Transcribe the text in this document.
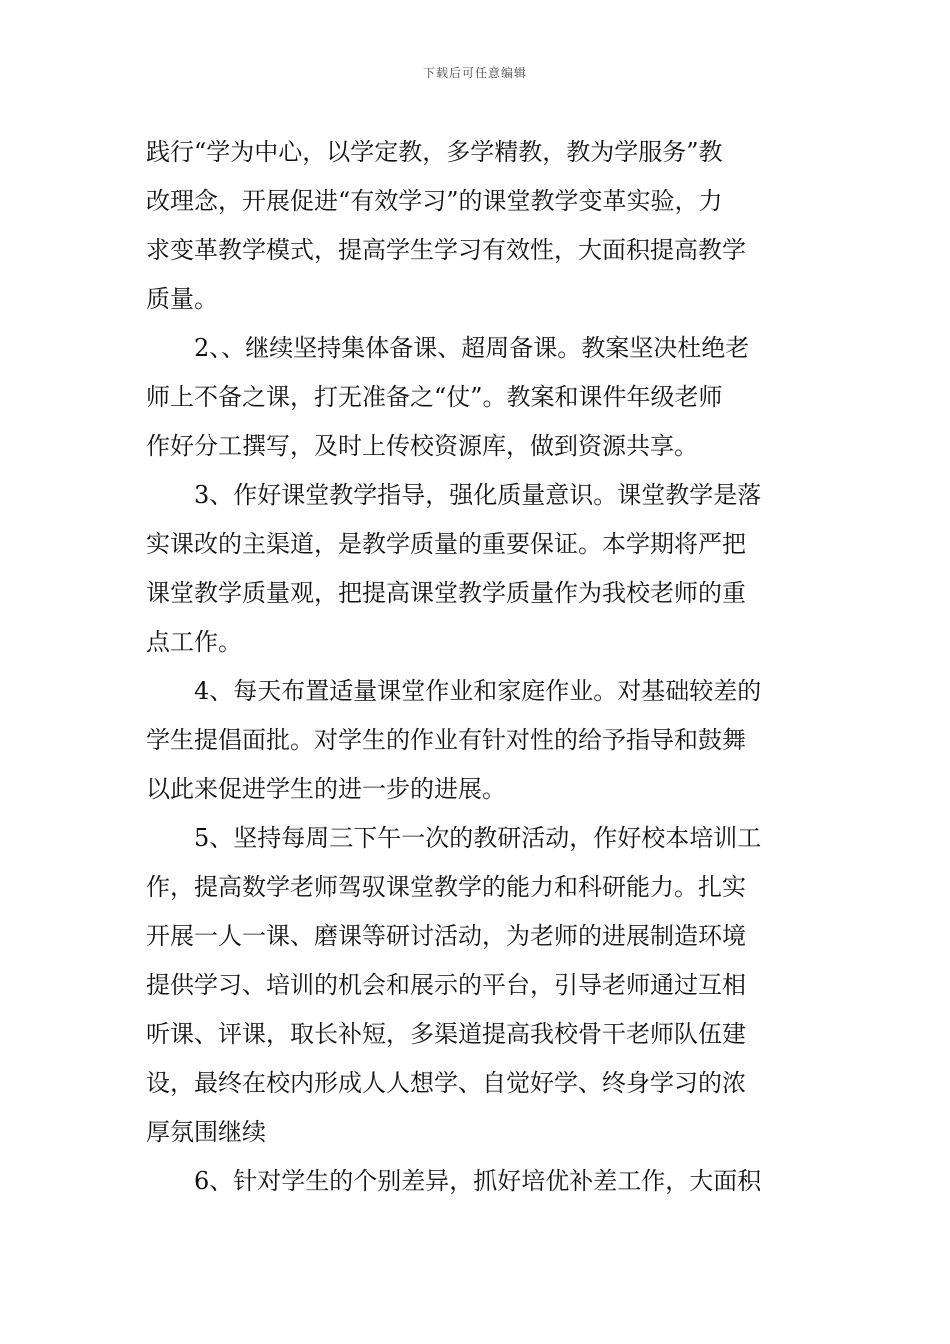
下载后可任意编辑
践行“学为中心，以学定教，多学精教，教为学服务”教
改理念，开展促进“有效学习”的课堂教学变革实验，力
求变革教学模式，提高学生学习有效性，大面积提高教学
质量。
2、、继续坚持集体备课、超周备课。教案坚决杜绝老
师上不备之课，打无准备之“仗”。教案和课件年级老师
作好分工撰写，及时上传校资源库，做到资源共享。
3、作好课堂教学指导，强化质量意识。课堂教学是落
实课改的主渠道，是教学质量的重要保证。本学期将严把
课堂教学质量观，把提高课堂教学质量作为我校老师的重
点工作。
4、每天布置适量课堂作业和家庭作业。对基础较差的
学生提倡面批。对学生的作业有针对性的给予指导和鼓舞
以此来促进学生的进一步的进展。
5、坚持每周三下午一次的教研活动，作好校本培训工
作，提高数学老师驾驭课堂教学的能力和科研能力。扎实
开展一人一课、磨课等研讨活动，为老师的进展制造环境
提供学习、培训的机会和展示的平台，引导老师通过互相
听课、评课，取长补短，多渠道提高我校骨干老师队伍建
设，最终在校内形成人人想学、自觉好学、终身学习的浓
厚氛围继续
6、针对学生的个别差异，抓好培优补差工作，大面积
